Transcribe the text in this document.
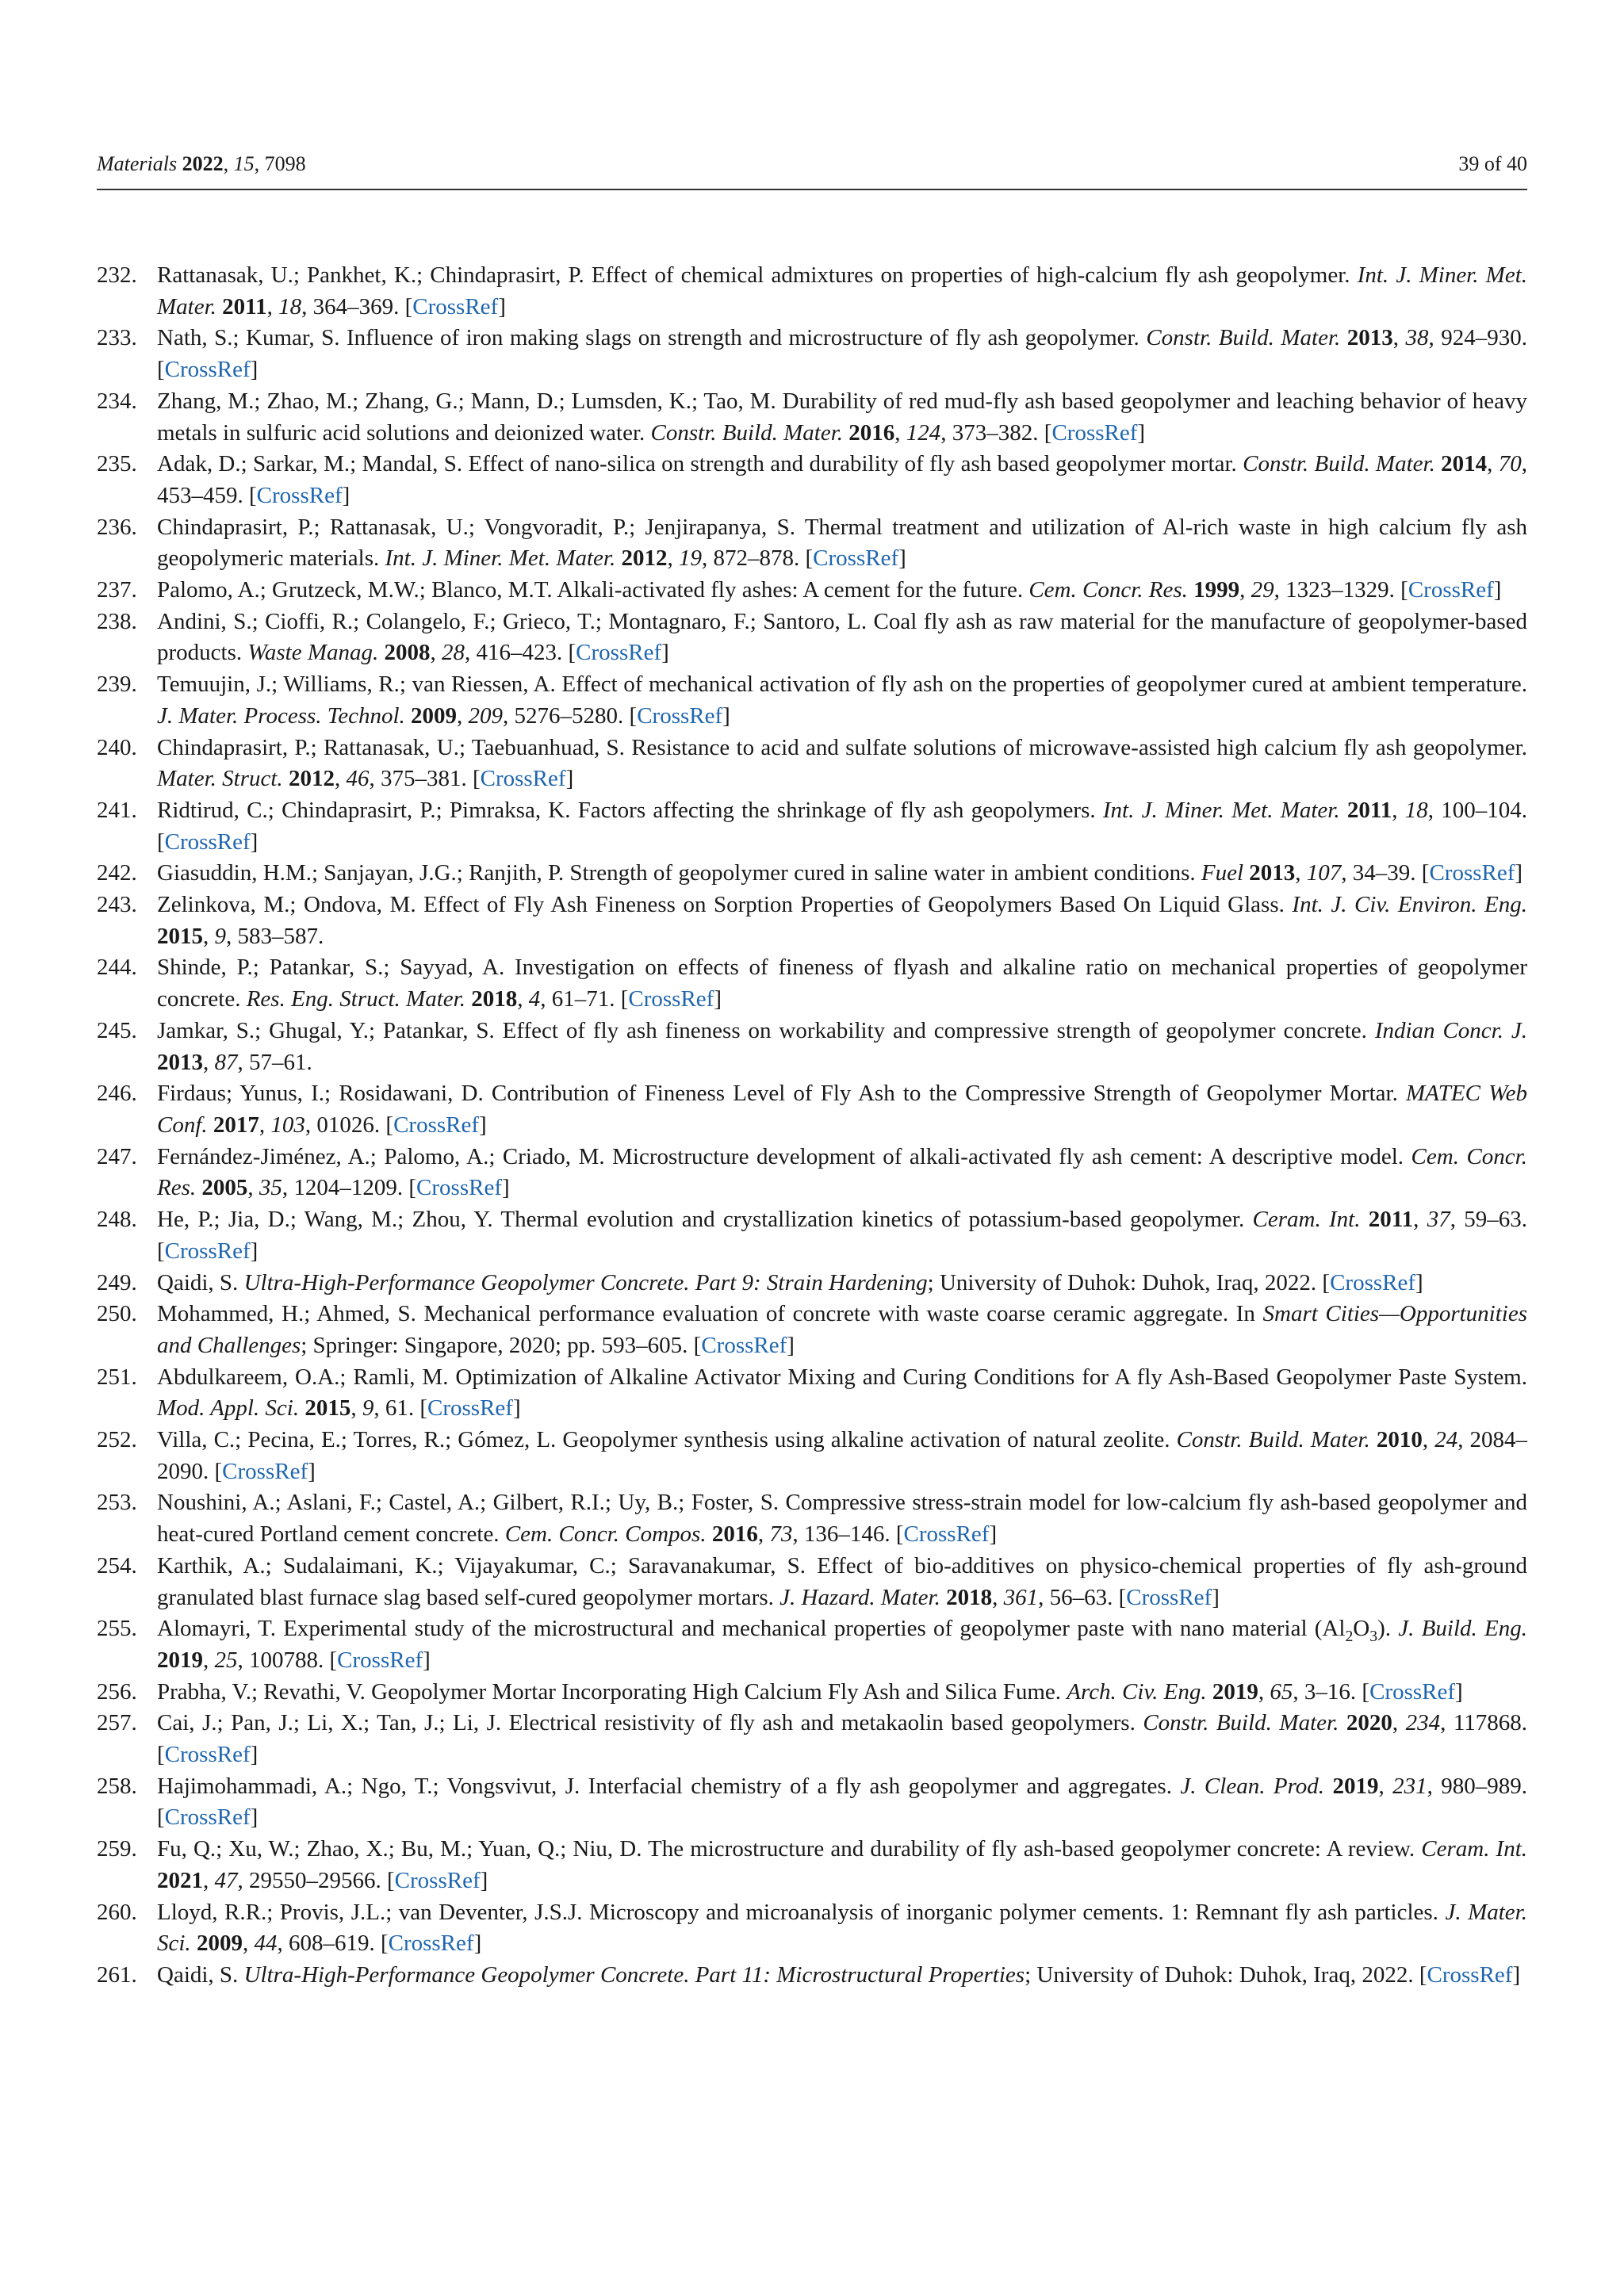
Materials 2022, 15, 7098	39 of 40
232. Rattanasak, U.; Pankhet, K.; Chindaprasirt, P. Effect of chemical admixtures on properties of high-calcium fly ash geopolymer. Int. J. Miner. Met. Mater. 2011, 18, 364–369. [CrossRef]
233. Nath, S.; Kumar, S. Influence of iron making slags on strength and microstructure of fly ash geopolymer. Constr. Build. Mater. 2013, 38, 924–930. [CrossRef]
234. Zhang, M.; Zhao, M.; Zhang, G.; Mann, D.; Lumsden, K.; Tao, M. Durability of red mud-fly ash based geopolymer and leaching behavior of heavy metals in sulfuric acid solutions and deionized water. Constr. Build. Mater. 2016, 124, 373–382. [CrossRef]
235. Adak, D.; Sarkar, M.; Mandal, S. Effect of nano-silica on strength and durability of fly ash based geopolymer mortar. Constr. Build. Mater. 2014, 70, 453–459. [CrossRef]
236. Chindaprasirt, P.; Rattanasak, U.; Vongvoradit, P.; Jenjirapanya, S. Thermal treatment and utilization of Al-rich waste in high calcium fly ash geopolymeric materials. Int. J. Miner. Met. Mater. 2012, 19, 872–878. [CrossRef]
237. Palomo, A.; Grutzeck, M.W.; Blanco, M.T. Alkali-activated fly ashes: A cement for the future. Cem. Concr. Res. 1999, 29, 1323–1329. [CrossRef]
238. Andini, S.; Cioffi, R.; Colangelo, F.; Grieco, T.; Montagnaro, F.; Santoro, L. Coal fly ash as raw material for the manufacture of geopolymer-based products. Waste Manag. 2008, 28, 416–423. [CrossRef]
239. Temuujin, J.; Williams, R.; van Riessen, A. Effect of mechanical activation of fly ash on the properties of geopolymer cured at ambient temperature. J. Mater. Process. Technol. 2009, 209, 5276–5280. [CrossRef]
240. Chindaprasirt, P.; Rattanasak, U.; Taebuanhuad, S. Resistance to acid and sulfate solutions of microwave-assisted high calcium fly ash geopolymer. Mater. Struct. 2012, 46, 375–381. [CrossRef]
241. Ridtirud, C.; Chindaprasirt, P.; Pimraksa, K. Factors affecting the shrinkage of fly ash geopolymers. Int. J. Miner. Met. Mater. 2011, 18, 100–104. [CrossRef]
242. Giasuddin, H.M.; Sanjayan, J.G.; Ranjith, P. Strength of geopolymer cured in saline water in ambient conditions. Fuel 2013, 107, 34–39. [CrossRef]
243. Zelinkova, M.; Ondova, M. Effect of Fly Ash Fineness on Sorption Properties of Geopolymers Based On Liquid Glass. Int. J. Civ. Environ. Eng. 2015, 9, 583–587.
244. Shinde, P.; Patankar, S.; Sayyad, A. Investigation on effects of fineness of flyash and alkaline ratio on mechanical properties of geopolymer concrete. Res. Eng. Struct. Mater. 2018, 4, 61–71. [CrossRef]
245. Jamkar, S.; Ghugal, Y.; Patankar, S. Effect of fly ash fineness on workability and compressive strength of geopolymer concrete. Indian Concr. J. 2013, 87, 57–61.
246. Firdaus; Yunus, I.; Rosidawani, D. Contribution of Fineness Level of Fly Ash to the Compressive Strength of Geopolymer Mortar. MATEC Web Conf. 2017, 103, 01026. [CrossRef]
247. Fernández-Jiménez, A.; Palomo, A.; Criado, M. Microstructure development of alkali-activated fly ash cement: A descriptive model. Cem. Concr. Res. 2005, 35, 1204–1209. [CrossRef]
248. He, P.; Jia, D.; Wang, M.; Zhou, Y. Thermal evolution and crystallization kinetics of potassium-based geopolymer. Ceram. Int. 2011, 37, 59–63. [CrossRef]
249. Qaidi, S. Ultra-High-Performance Geopolymer Concrete. Part 9: Strain Hardening; University of Duhok: Duhok, Iraq, 2022. [CrossRef]
250. Mohammed, H.; Ahmed, S. Mechanical performance evaluation of concrete with waste coarse ceramic aggregate. In Smart Cities—Opportunities and Challenges; Springer: Singapore, 2020; pp. 593–605. [CrossRef]
251. Abdulkareem, O.A.; Ramli, M. Optimization of Alkaline Activator Mixing and Curing Conditions for A fly Ash-Based Geopolymer Paste System. Mod. Appl. Sci. 2015, 9, 61. [CrossRef]
252. Villa, C.; Pecina, E.; Torres, R.; Gómez, L. Geopolymer synthesis using alkaline activation of natural zeolite. Constr. Build. Mater. 2010, 24, 2084–2090. [CrossRef]
253. Noushini, A.; Aslani, F.; Castel, A.; Gilbert, R.I.; Uy, B.; Foster, S. Compressive stress-strain model for low-calcium fly ash-based geopolymer and heat-cured Portland cement concrete. Cem. Concr. Compos. 2016, 73, 136–146. [CrossRef]
254. Karthik, A.; Sudalaimani, K.; Vijayakumar, C.; Saravanakumar, S. Effect of bio-additives on physico-chemical properties of fly ash-ground granulated blast furnace slag based self-cured geopolymer mortars. J. Hazard. Mater. 2018, 361, 56–63. [CrossRef]
255. Alomayri, T. Experimental study of the microstructural and mechanical properties of geopolymer paste with nano material $(Al_2O_3)$. J. Build. Eng. 2019, 25, 100788. [CrossRef]
256. Prabha, V.; Revathi, V. Geopolymer Mortar Incorporating High Calcium Fly Ash and Silica Fume. Arch. Civ. Eng. 2019, 65, 3–16. [CrossRef]
257. Cai, J.; Pan, J.; Li, X.; Tan, J.; Li, J. Electrical resistivity of fly ash and metakaolin based geopolymers. Constr. Build. Mater. 2020, 234, 117868. [CrossRef]
258. Hajimohammadi, A.; Ngo, T.; Vongsvivut, J. Interfacial chemistry of a fly ash geopolymer and aggregates. J. Clean. Prod. 2019, 231, 980–989. [CrossRef]
259. Fu, Q.; Xu, W.; Zhao, X.; Bu, M.; Yuan, Q.; Niu, D. The microstructure and durability of fly ash-based geopolymer concrete: A review. Ceram. Int. 2021, 47, 29550–29566. [CrossRef]
260. Lloyd, R.R.; Provis, J.L.; van Deventer, J.S.J. Microscopy and microanalysis of inorganic polymer cements. 1: Remnant fly ash particles. J. Mater. Sci. 2009, 44, 608–619. [CrossRef]
261. Qaidi, S. Ultra-High-Performance Geopolymer Concrete. Part 11: Microstructural Properties; University of Duhok: Duhok, Iraq, 2022. [CrossRef]
